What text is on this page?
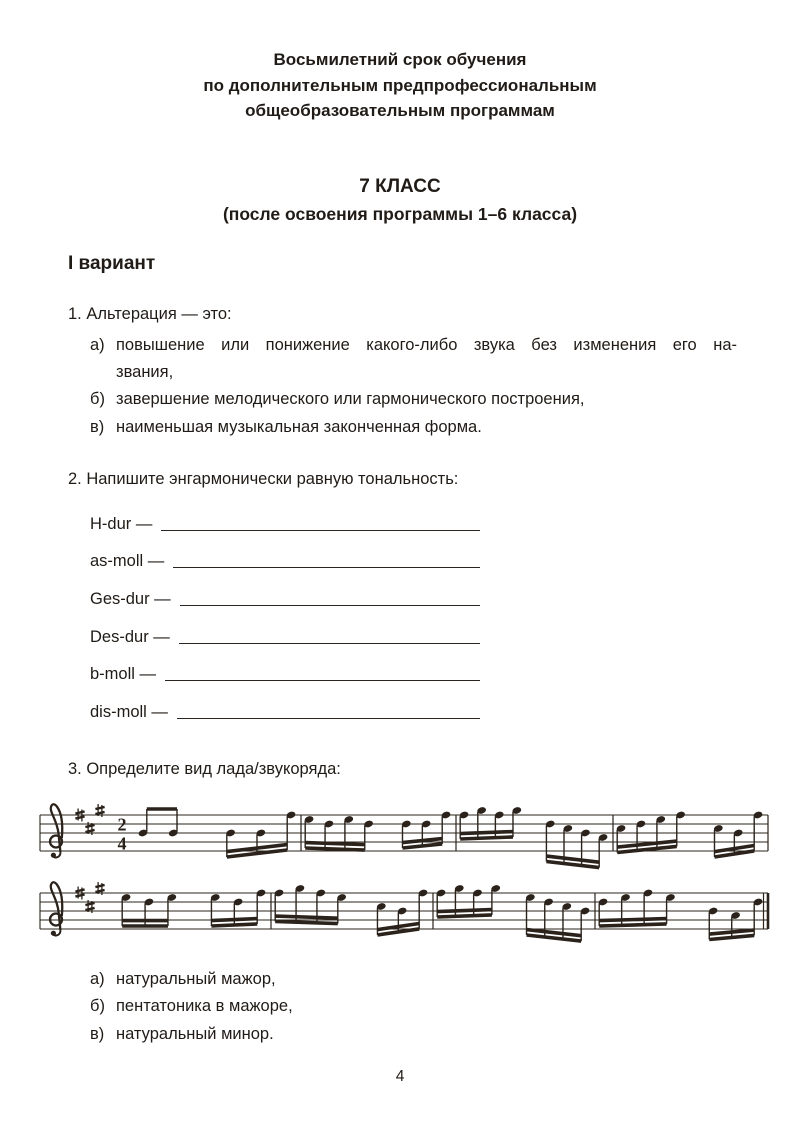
Восьмилетний срок обучения
по дополнительным предпрофессиональным
общеобразовательным программам
7 КЛАСС
(после освоения программы 1–6 класса)
I вариант
1. Альтерация — это:
а) повышение или понижение какого-либо звука без изменения его на-
звания,
б) завершение мелодического или гармонического построения,
в) наименьшая музыкальная законченная форма.
2. Напишите энгармонически равную тональность:
H-dur —
as-moll —
Ges-dur —
Des-dur —
b-moll —
dis-moll —
3. Определите вид лада/звукоряда:
2
4
а) натуральный мажор,
б) пентатоника в мажоре,
в) натуральный минор.
4
